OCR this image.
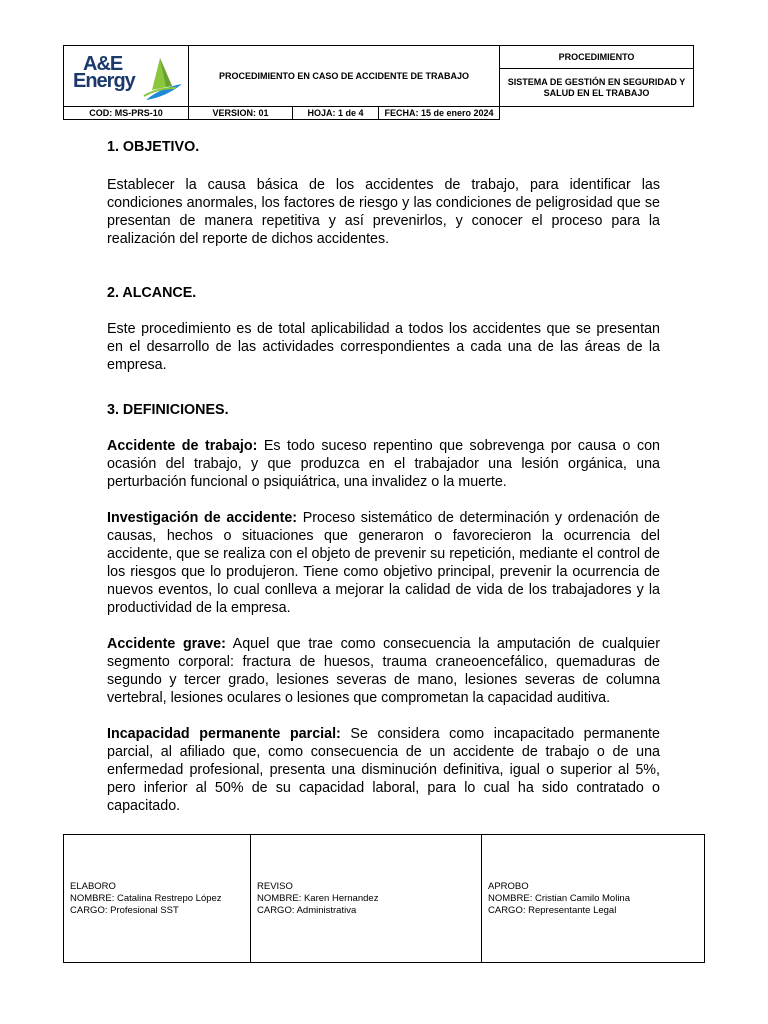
A&E
Energy	PROCEDIMIENTO EN CASO DE ACCIDENTE DE TRABAJO			PROCEDIMIENTO
				SISTEMA DE GESTIÓN EN SEGURIDAD Y SALUD EN EL TRABAJO
COD: MS-PRS-10	VERSION: 01	HOJA: 1 de 4	FECHA: 15 de enero 2024	

1. OBJETIVO.

Establecer la causa básica de los accidentes de trabajo, para identificar las condiciones anormales, los factores de riesgo y las condiciones de peligrosidad que se presentan de manera repetitiva y así prevenirlos, y conocer el proceso para la realización del reporte de dichos accidentes.

2. ALCANCE.

Este procedimiento es de total aplicabilidad a todos los accidentes que se presentan en el desarrollo de las actividades correspondientes a cada una de las áreas de la empresa.

3. DEFINICIONES.

Accidente de trabajo: Es todo suceso repentino que sobrevenga por causa o con ocasión del trabajo, y que produzca en el trabajador una lesión orgánica, una perturbación funcional o psiquiátrica, una invalidez o la muerte.

Investigación de accidente: Proceso sistemático de determinación y ordenación de causas, hechos o situaciones que generaron o favorecieron la ocurrencia del accidente, que se realiza con el objeto de prevenir su repetición, mediante el control de los riesgos que lo produjeron. Tiene como objetivo principal, prevenir la ocurrencia de nuevos eventos, lo cual conlleva a mejorar la calidad de vida de los trabajadores y la productividad de la empresa.

Accidente grave: Aquel que trae como consecuencia la amputación de cualquier segmento corporal: fractura de huesos, trauma craneoencefálico, quemaduras de segundo y tercer grado, lesiones severas de mano, lesiones severas de columna vertebral, lesiones oculares o lesiones que comprometan la capacidad auditiva.

Incapacidad permanente parcial: Se considera como incapacitado permanente parcial, al afiliado que, como consecuencia de un accidente de trabajo o de una enfermedad profesional, presenta una disminución definitiva, igual o superior al 5%, pero inferior al 50% de su capacidad laboral, para lo cual ha sido contratado o capacitado.

ELABORO
NOMBRE: Catalina Restrepo López
CARGO: Profesional SST

REVISO
NOMBRE: Karen Hernandez
CARGO: Administrativa

APROBO
NOMBRE: Cristian Camilo Molina
CARGO: Representante Legal
